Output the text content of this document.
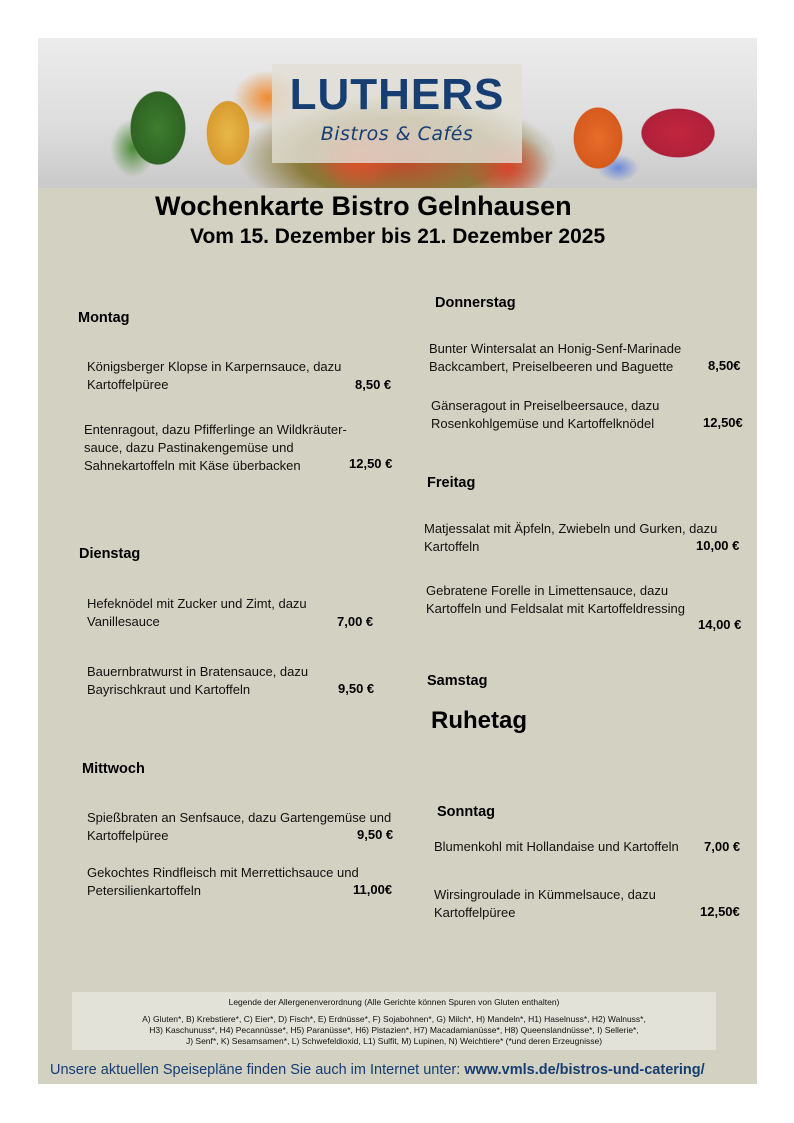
LUTHERS
Bistros & Cafés
Wochenkarte Bistro Gelnhausen
Vom 15. Dezember bis 21. Dezember 2025
Montag
Königsberger Klopse in Karpernsauce, dazu
Kartoffelpüree	8,50 €
Entenragout, dazu Pfifferlinge an Wildkräuter-
sauce, dazu Pastinakengemüse und
Sahnekartoffeln mit Käse überbacken	12,50 €
Dienstag
Hefeknödel mit Zucker und Zimt, dazu
Vanillesauce	7,00 €
Bauernbratwurst in Bratensauce, dazu
Bayrischkraut und Kartoffeln	9,50 €
Mittwoch
Spießbraten an Senfsauce, dazu Gartengemüse und
Kartoffelpüree	9,50 €
Gekochtes Rindfleisch mit Merrettichsauce und
Petersilienkartoffeln	11,00€
Donnerstag
Bunter Wintersalat an Honig-Senf-Marinade
Backcambert, Preiselbeeren und Baguette	8,50€
Gänseragout in Preiselbeersauce, dazu
Rosenkohlgemüse und Kartoffelknödel	12,50€
Freitag
Matjessalat mit Äpfeln, Zwiebeln und Gurken, dazu
Kartoffeln	10,00 €
Gebratene Forelle in Limettensauce, dazu
Kartoffeln und Feldsalat mit Kartoffeldressing
14,00 €
Samstag
Ruhetag
Sonntag
Blumenkohl mit Hollandaise und Kartoffeln 7,00 €
Wirsingroulade in Kümmelsauce, dazu
Kartoffelpüree	12,50€
Legende der Allergenenverordnung (Alle Gerichte können Spuren von Gluten enthalten)
A) Gluten*, B) Krebstiere*, C) Eier*, D) Fisch*, E) Erdnüsse*, F) Sojabohnen*, G) Milch*, H) Mandeln*, H1) Haselnuss*, H2) Walnuss*,
H3) Kaschunuss*, H4) Pecannüsse*, H5) Paranüsse*, H6) Pistazien*, H7) Macadamianüsse*, H8) Queenslandnüsse*, I) Sellerie*,
J) Senf*, K) Sesamsamen*, L) Schwefeldioxid, L1) Sulfit, M) Lupinen, N) Weichtiere* (*und deren Erzeugnisse)
Unsere aktuellen Speisepläne finden Sie auch im Internet unter: www.vmls.de/bistros-und-catering/
